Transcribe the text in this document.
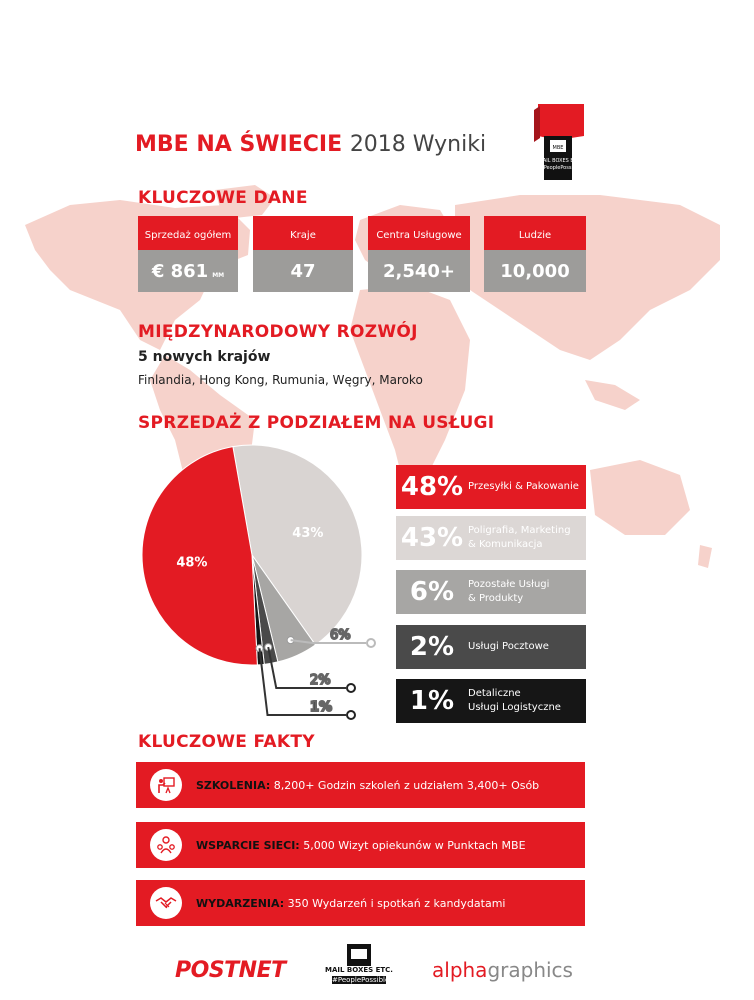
MBE NA ŚWIECIE 2018 Wyniki	MBE
MAIL BOXES ETC.
#PeoplePossible
KLUCZOWE DANE
Sprzedaż ogółem
€ 861 MM
Kraje
47
Centra Usługowe
2,540+
Ludzie
10,000
MIĘDZYNARODOWY ROZWÓJ
5 nowych krajów
Finlandia, Hong Kong, Rumunia, Węgry, Maroko
SPRZEDAŻ Z PODZIAŁEM NA USŁUGI
48%
43%
6%
2%
1%
48% Przesyłki & Pakowanie
43% Poligrafia, Marketing
& Komunikacja
6%	Pozostałe Usługi
& Produkty
2%	Usługi Pocztowe
1%	Detaliczne
Usługi Logistyczne
KLUCZOWE FAKTY
SZKOLENIA: 8,200+ Godzin szkoleń z udziałem 3,400+ Osób
WSPARCIE SIECI: 5,000 Wizyt opiekunów w Punktach MBE
WYDARZENIA: 350 Wydarzeń i spotkań z kandydatami
POSTNET	MAIL BOXES ETC.
#PeoplePossible alphagraphics
